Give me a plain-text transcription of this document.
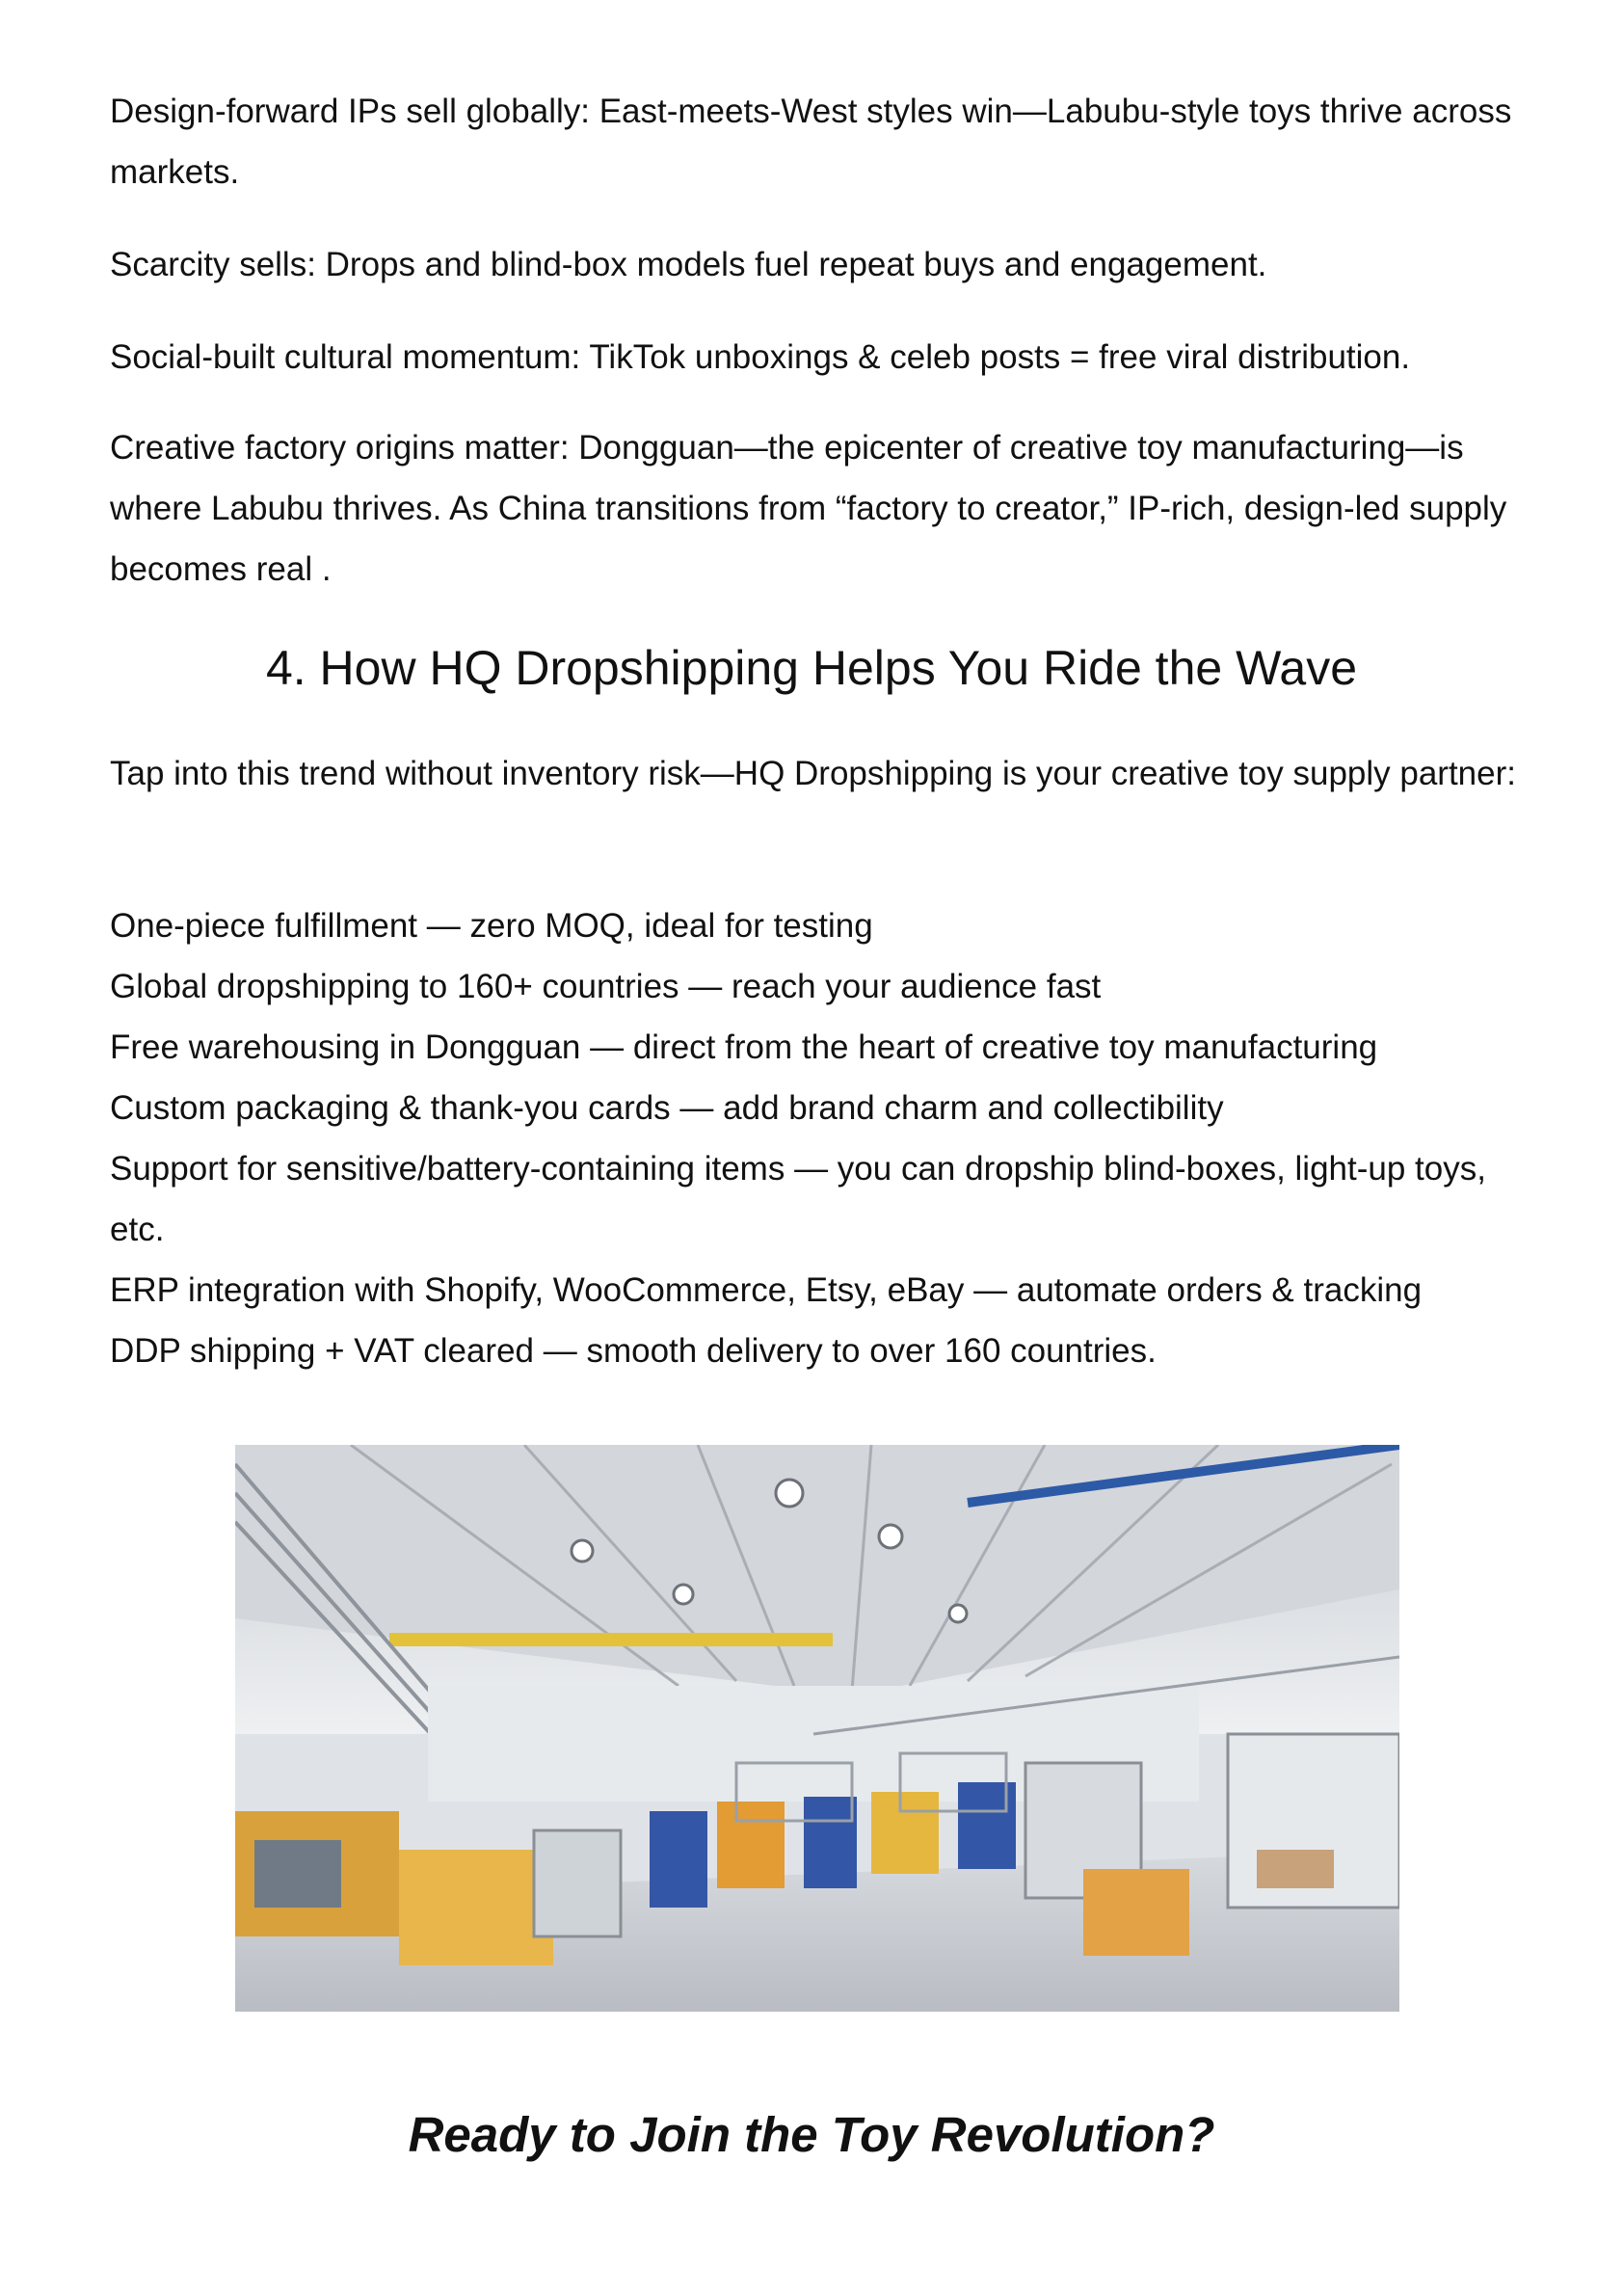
Design-forward IPs sell globally: East-meets-West styles win—Labubu-style toys thrive across markets.

Scarcity sells: Drops and blind-box models fuel repeat buys and engagement.

Social-built cultural momentum: TikTok unboxings & celeb posts = free viral distribution.

Creative factory origins matter: Dongguan—the epicenter of creative toy manufacturing—is where Labubu thrives. As China transitions from “factory to creator,” IP-rich, design-led supply becomes real .

4. How HQ Dropshipping Helps You Ride the Wave

Tap into this trend without inventory risk—HQ Dropshipping is your creative toy supply partner:

One-piece fulfillment — zero MOQ, ideal for testing
Global dropshipping to 160+ countries — reach your audience fast
Free warehousing in Dongguan — direct from the heart of creative toy manufacturing
Custom packaging & thank-you cards — add brand charm and collectibility
Support for sensitive/battery-containing items — you can dropship blind-boxes, light-up toys, etc.
ERP integration with Shopify, WooCommerce, Etsy, eBay — automate orders & tracking
DDP shipping + VAT cleared — smooth delivery to over 160 countries.
Ready to Join the Toy Revolution?
